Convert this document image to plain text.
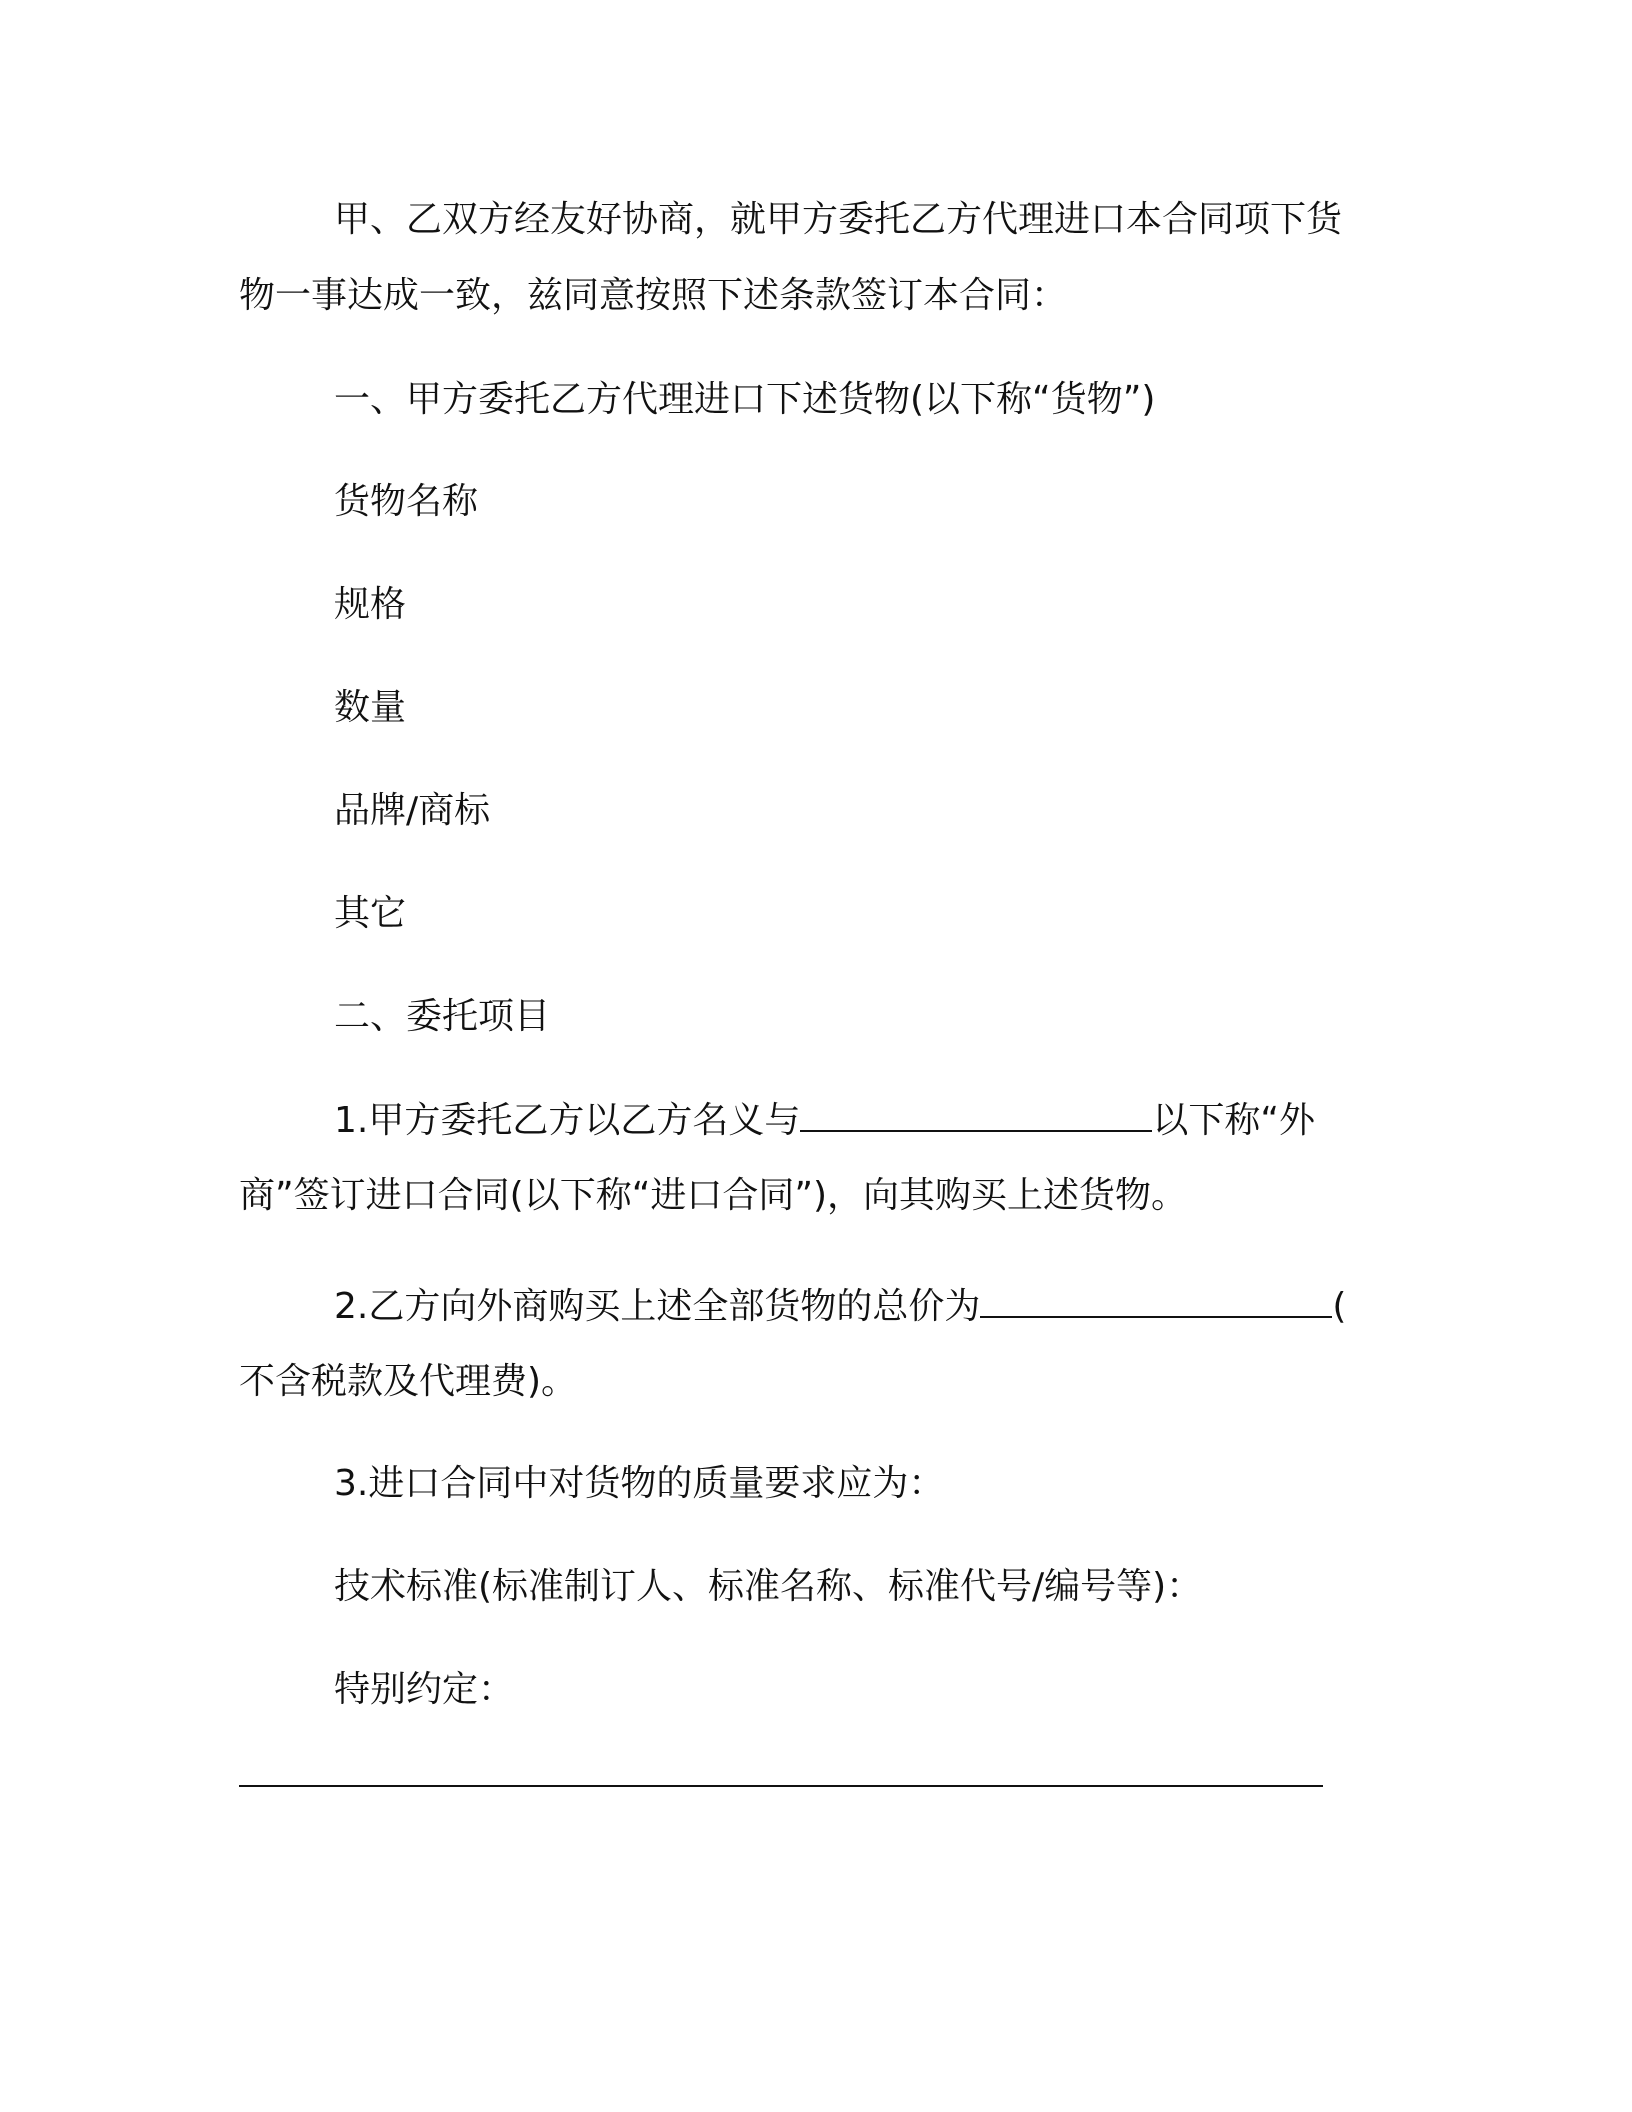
甲、乙双方经友好协商，就甲方委托乙方代理进口本合同项下货
物一事达成一致，兹同意按照下述条款签订本合同：
一、甲方委托乙方代理进口下述货物(以下称“货物”)
货物名称
规格
数量
品牌/商标
其它
二、委托项目
1.甲方委托乙方以乙方名义与	以下称“外
商”签订进口合同(以下称“进口合同”)，向其购买上述货物。
2.乙方向外商购买上述全部货物的总价为	(
不含税款及代理费)。
3.进口合同中对货物的质量要求应为：
技术标准(标准制订人、标准名称、标准代号/编号等)：
特别约定：
